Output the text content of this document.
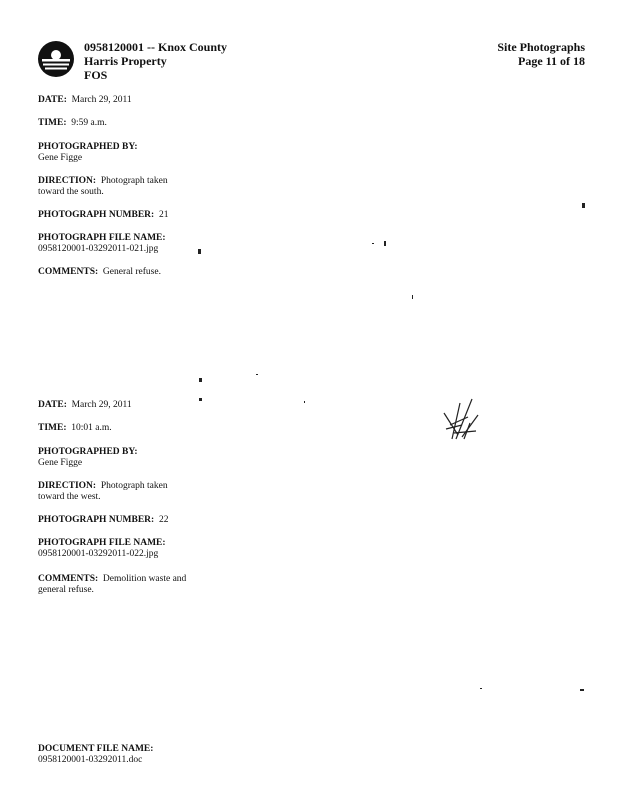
0958120001 -- Knox County
Harris Property
FOS
Site Photographs
Page 11 of 18
DATE: March 29, 2011
TIME: 9:59 a.m.
PHOTOGRAPHED BY:
Gene Figge
DIRECTION: Photograph taken toward the south.
PHOTOGRAPH NUMBER: 21
PHOTOGRAPH FILE NAME:
0958120001-03292011-021.jpg
COMMENTS: General refuse.
DATE: March 29, 2011
TIME: 10:01 a.m.
PHOTOGRAPHED BY:
Gene Figge
DIRECTION: Photograph taken toward the west.
PHOTOGRAPH NUMBER: 22
PHOTOGRAPH FILE NAME:
0958120001-03292011-022.jpg
COMMENTS: Demolition waste and general refuse.
DOCUMENT FILE NAME:
0958120001-03292011.doc
